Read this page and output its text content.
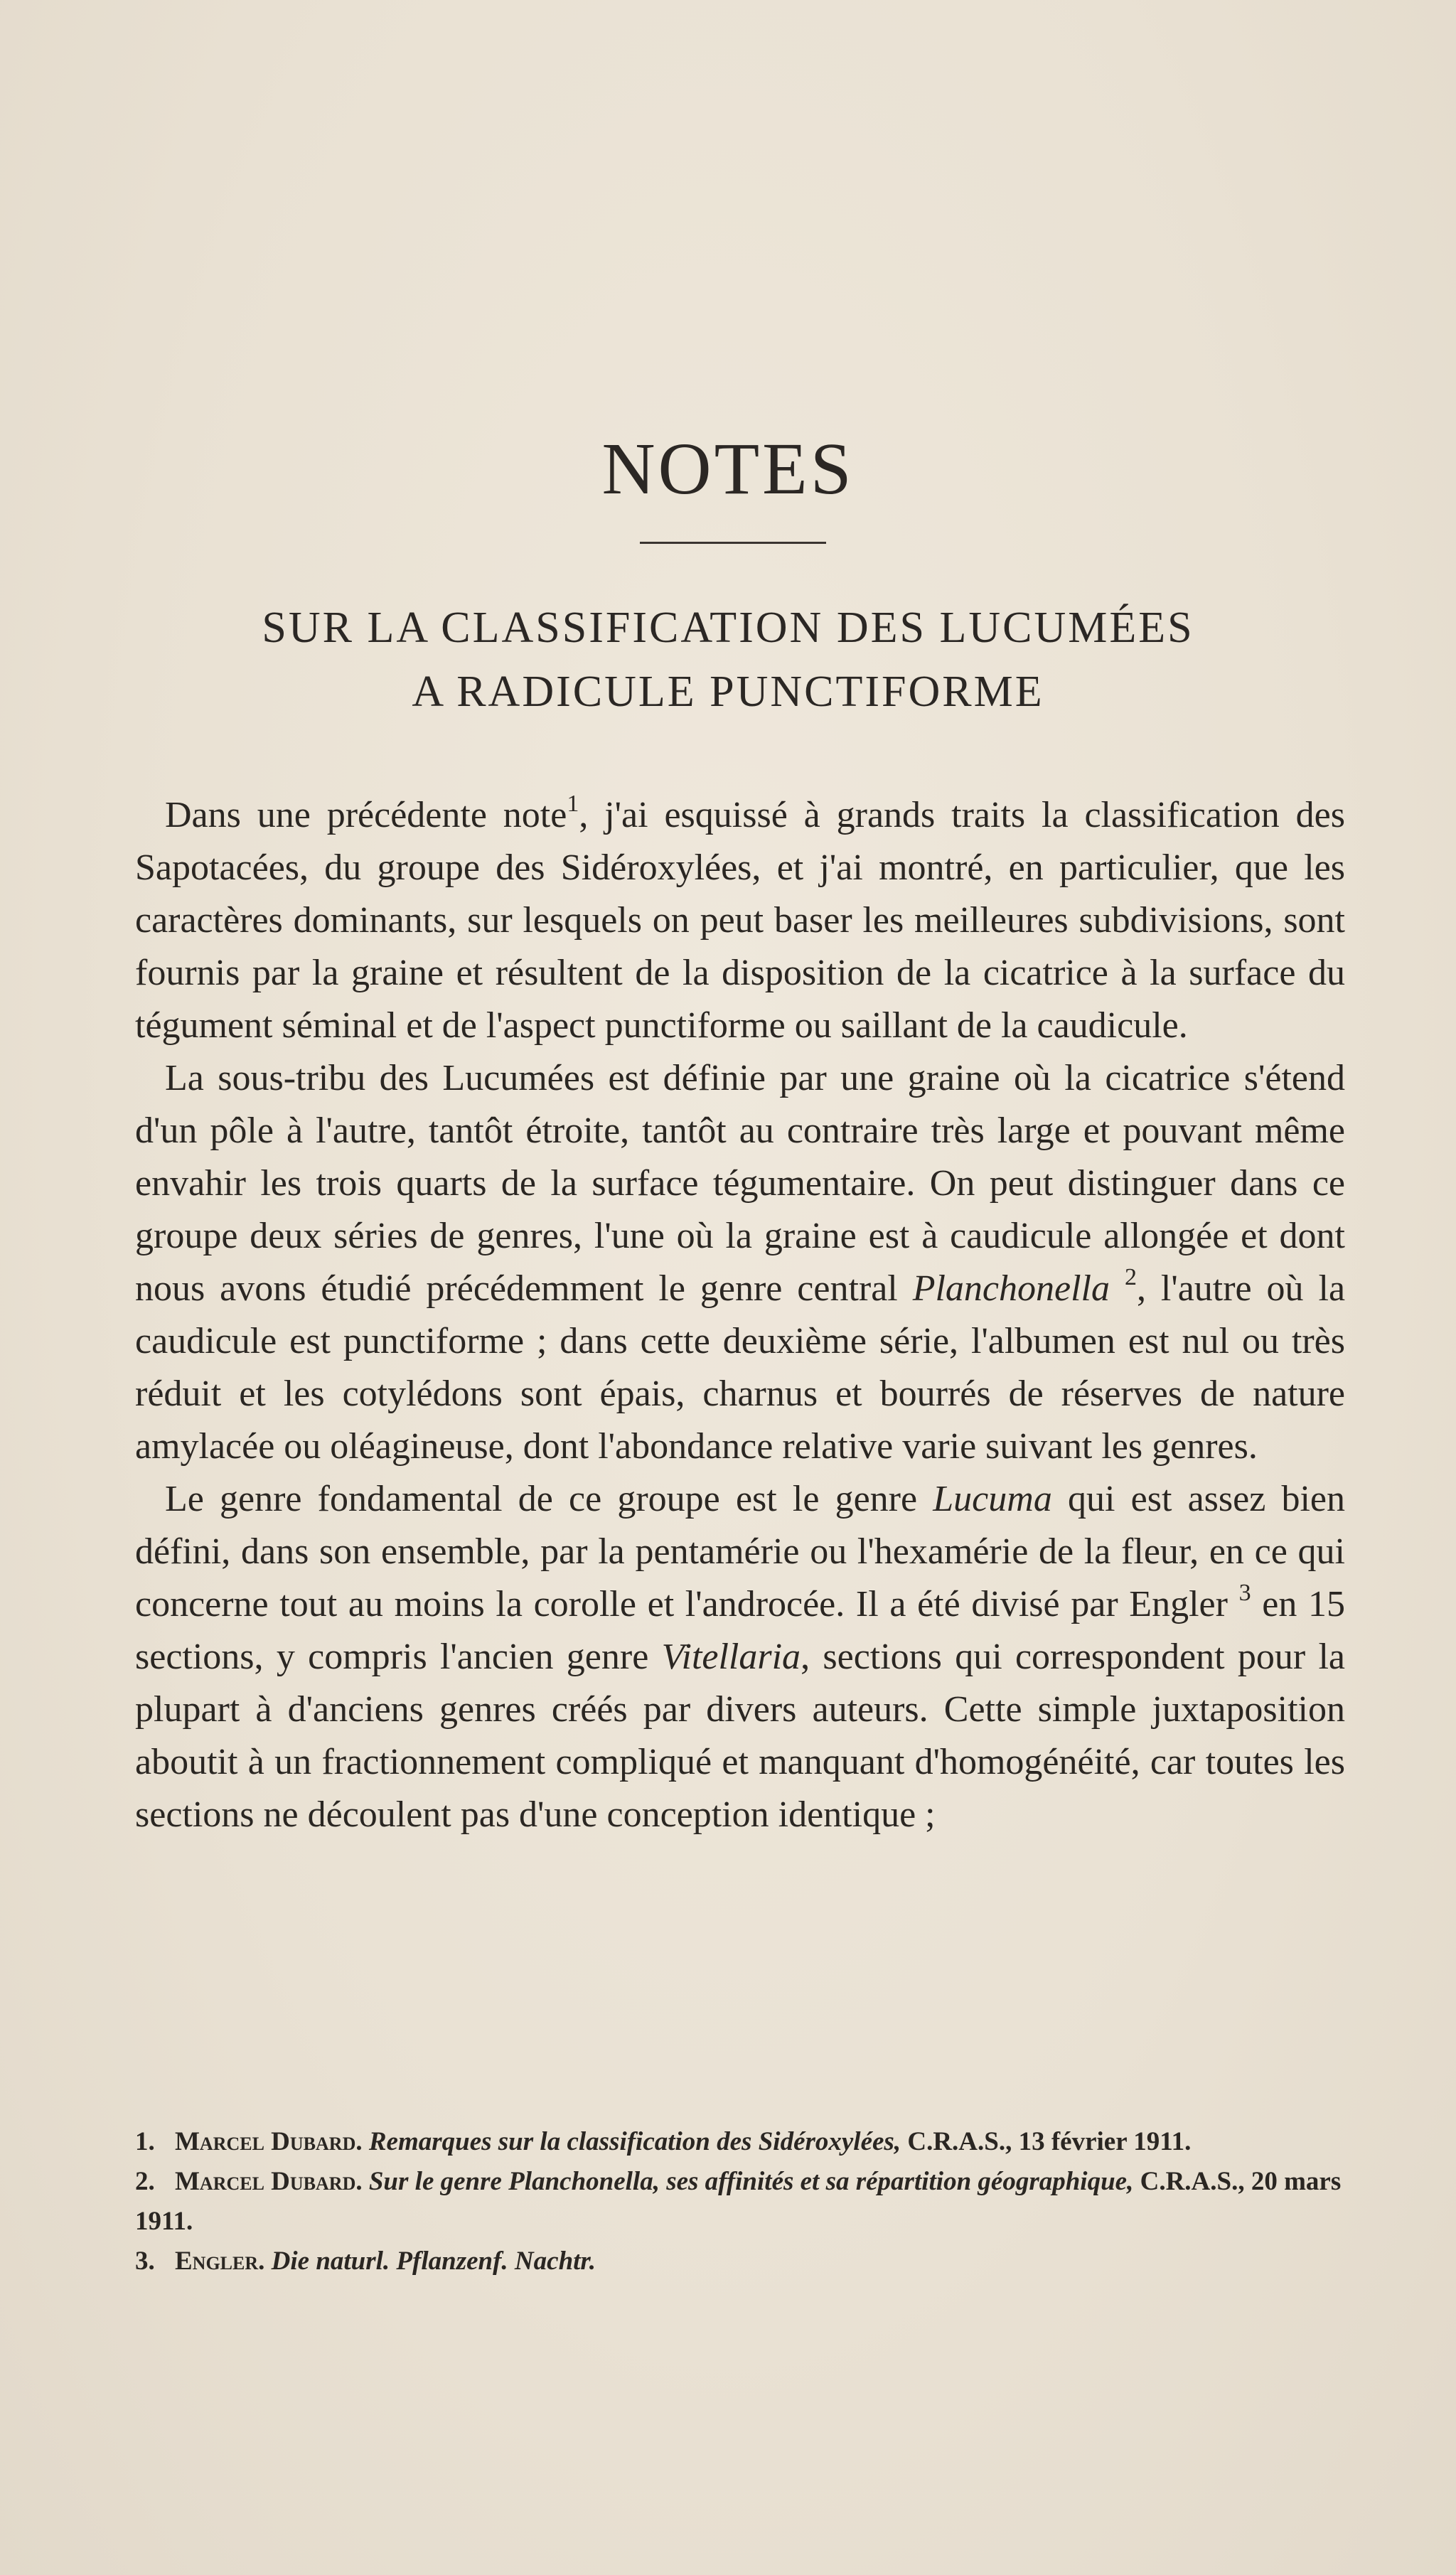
NOTES
SUR LA CLASSIFICATION DES LUCUMÉES
A RADICULE PUNCTIFORME

Dans une précédente note$^1$, j'ai esquissé à grands traits la classification des Sapotacées, du groupe des Sidéroxylées, et j'ai montré, en particulier, que les caractères dominants, sur lesquels on peut baser les meilleures subdivisions, sont fournis par la graine et résultent de la disposition de la cicatrice à la surface du tégument séminal et de l'aspect punctiforme ou saillant de la caudicule.

La sous-tribu des Lucumées est définie par une graine où la cicatrice s'étend d'un pôle à l'autre, tantôt étroite, tantôt au contraire très large et pouvant même envahir les trois quarts de la surface tégumentaire. On peut distinguer dans ce groupe deux séries de genres, l'une où la graine est à caudicule allongée et dont nous avons étudié précédemment le genre central Planchonella $^2$, l'autre où la caudicule est punctiforme ; dans cette deuxième série, l'albumen est nul ou très réduit et les cotylédons sont épais, charnus et bourrés de réserves de nature amylacée ou oléagineuse, dont l'abondance relative varie suivant les genres.

Le genre fondamental de ce groupe est le genre Lucuma qui est assez bien défini, dans son ensemble, par la pentamérie ou l'hexamérie de la fleur, en ce qui concerne tout au moins la corolle et l'androcée. Il a été divisé par Engler $^3$ en 15 sections, y compris l'ancien genre Vitellaria, sections qui correspondent pour la plupart à d'anciens genres créés par divers auteurs. Cette simple juxtaposition aboutit à un fractionnement compliqué et manquant d'homogénéité, car toutes les sections ne découlent pas d'une conception identique ;

1. Marcel Dubard. Remarques sur la classification des Sidéroxylées, C.R.A.S., 13 février 1911.
2. Marcel Dubard. Sur le genre Planchonella, ses affinités et sa répartition géographique, C.R.A.S., 20 mars 1911.
3. Engler. Die naturl. Pflanzenf. Nachtr.
